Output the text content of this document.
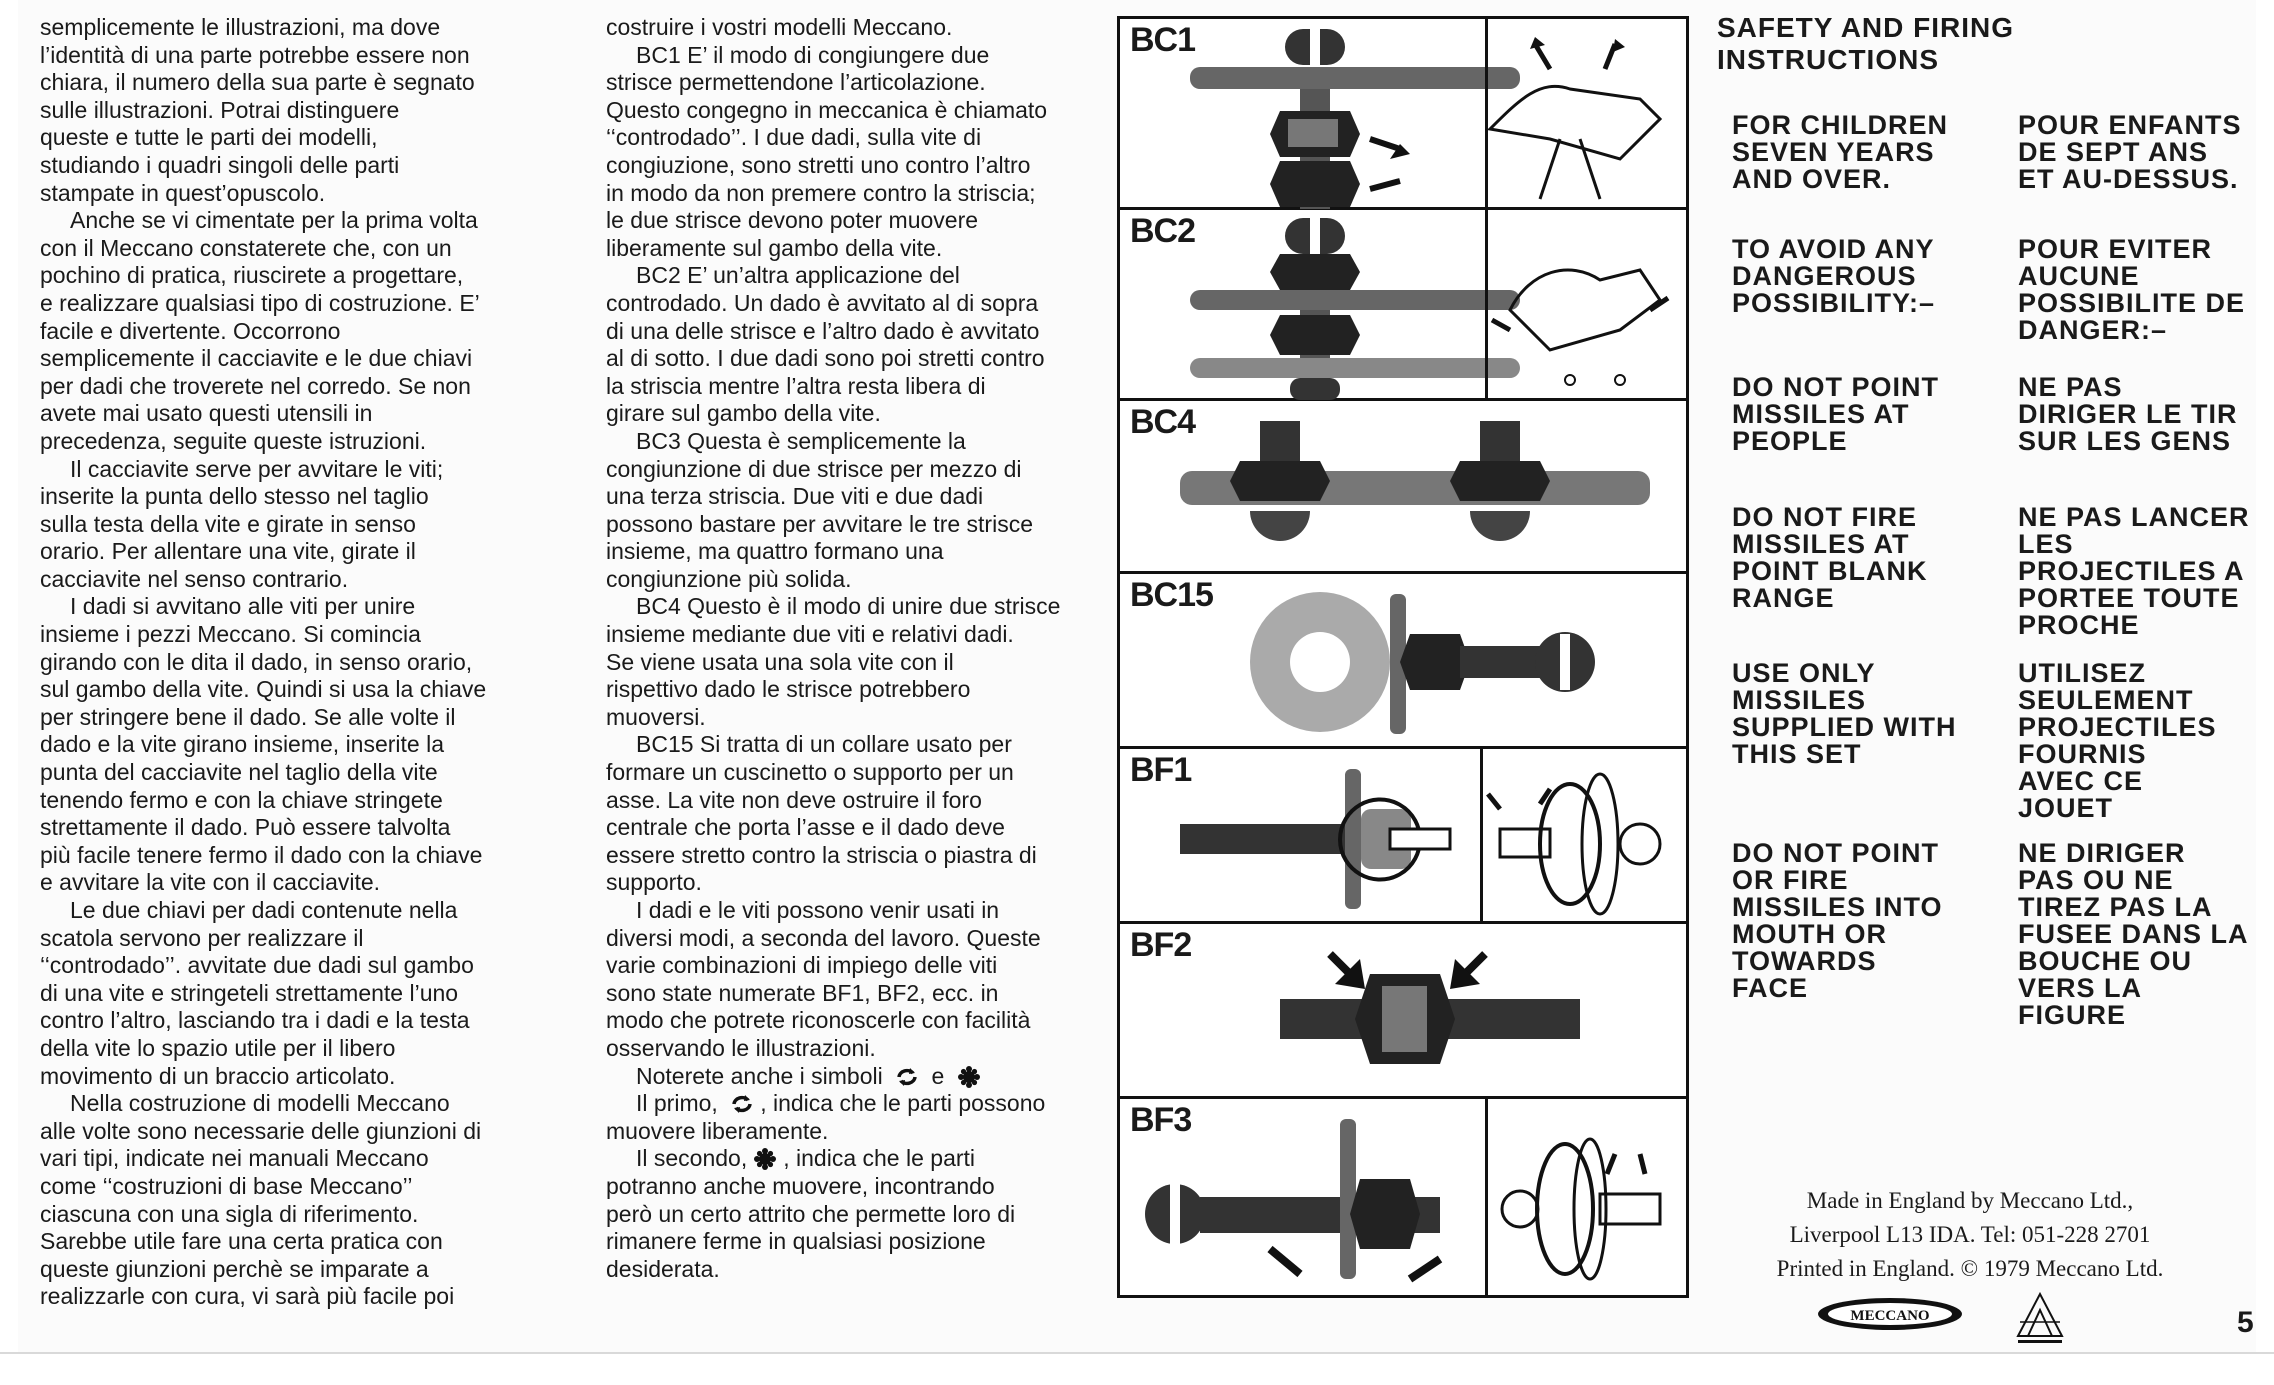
semplicemente le illustrazioni, ma dove

l’identità di una parte potrebbe essere non

chiara, il numero della sua parte è segnato

sulle illustrazioni. Potrai distinguere

queste e tutte le parti dei modelli,

studiando i quadri singoli delle parti

stampate in quest’opuscolo.

Anche se vi cimentate per la prima volta

con il Meccano constaterete che, con un

pochino di pratica, riuscirete a progettare,

e realizzare qualsiasi tipo di costruzione. E’

facile e divertente. Occorrono

semplicemente il cacciavite e le due chiavi

per dadi che troverete nel corredo. Se non

avete mai usato questi utensili in

precedenza, seguite queste istruzioni.

Il cacciavite serve per avvitare le viti;

inserite la punta dello stesso nel taglio

sulla testa della vite e girate in senso

orario. Per allentare una vite, girate il

cacciavite nel senso contrario.

I dadi si avvitano alle viti per unire

insieme i pezzi Meccano. Si comincia

girando con le dita il dado, in senso orario,

sul gambo della vite. Quindi si usa la chiave

per stringere bene il dado. Se alle volte il

dado e la vite girano insieme, inserite la

punta del cacciavite nel taglio della vite

tenendo fermo e con la chiave stringete

strettamente il dado. Può essere talvolta

più facile tenere fermo il dado con la chiave

e avvitare la vite con il cacciavite.

Le due chiavi per dadi contenute nella

scatola servono per realizzare il

‘‘controdado’’. avvitate due dadi sul gambo

di una vite e stringeteli strettamente l’uno

contro l’altro, lasciando tra i dadi e la testa

della vite lo spazio utile per il libero

movimento di un braccio articolato.

Nella costruzione di modelli Meccano

alle volte sono necessarie delle giunzioni di

vari tipi, indicate nei manuali Meccano

come ‘‘costruzioni di base Meccano’’

ciascuna con una sigla di riferimento.

Sarebbe utile fare una certa pratica con

queste giunzioni perchè se imparate a

realizzarle con cura, vi sarà più facile poi

costruire i vostri modelli Meccano.

BC1 E’ il modo di congiungere due

strisce permettendone l’articolazione.

Questo congegno in meccanica è chiamato

‘‘controdado’’. I due dadi, sulla vite di

congiuzione, sono stretti uno contro l’altro

in modo da non premere contro la striscia;

le due strisce devono poter muovere

liberamente sul gambo della vite.

BC2 E’ un’altra applicazione del

controdado. Un dado è avvitato al di sopra

di una delle strisce e l’altro dado è avvitato

al di sotto. I due dadi sono poi stretti contro

la striscia mentre l’altra resta libera di

girare sul gambo della vite.

BC3 Questa è semplicemente la

congiunzione di due strisce per mezzo di

una terza striscia. Due viti e due dadi

possono bastare per avvitare le tre strisce

insieme, ma quattro formano una

congiunzione più solida.

BC4 Questo è il modo di unire due strisce

insieme mediante due viti e relativi dadi.

Se viene usata una sola vite con il

rispettivo dado le strisce potrebbero

muoversi.

BC15 Si tratta di un collare usato per

formare un cuscinetto o supporto per un

asse. La vite non deve ostruire il foro

centrale che porta l’asse e il dado deve

essere stretto contro la striscia o piastra di

supporto.

I dadi e le viti possono venir usati in

diversi modi, a seconda del lavoro. Queste

varie combinazioni di impiego delle viti

sono state numerate BF1, BF2, ecc. in

modo che potrete riconoscerle con facilità

osservando le illustrazioni.

Noterete anche i simboli e

Il primo, , indica che le parti possono

muovere liberamente.

Il secondo, , indica che le parti

potranno anche muovere, incontrando

però un certo attrito che permette loro di

rimanere ferme in qualsiasi posizione

desiderata.

BC1
BC2
BC4
BC15
BF1
BF2
BF3
SAFETY AND FIRING INSTRUCTIONS
FOR CHILDREN
SEVEN YEARS
AND OVER.
POUR ENFANTS
DE SEPT ANS
ET AU-DESSUS.
TO AVOID ANY
DANGEROUS
POSSIBILITY:–
POUR EVITER
AUCUNE
POSSIBILITE DE
DANGER:–
DO NOT POINT
MISSILES AT
PEOPLE
NE PAS
DIRIGER LE TIR
SUR LES GENS
DO NOT FIRE
MISSILES AT
POINT BLANK
RANGE
NE PAS LANCER
LES
PROJECTILES A
PORTEE TOUTE
PROCHE
USE ONLY
MISSILES
SUPPLIED WITH
THIS SET
UTILISEZ
SEULEMENT
PROJECTILES
FOURNIS
AVEC CE
JOUET
DO NOT POINT
OR FIRE
MISSILES INTO
MOUTH OR
TOWARDS
FACE
NE DIRIGER
PAS OU NE
TIREZ PAS LA
FUSEE DANS LA
BOUCHE OU
VERS LA
FIGURE
Made in England by Meccano Ltd.,
Liverpool L13 IDA. Tel: 051-228 2701
Printed in England. © 1979 Meccano Ltd.
MECCANO	5
